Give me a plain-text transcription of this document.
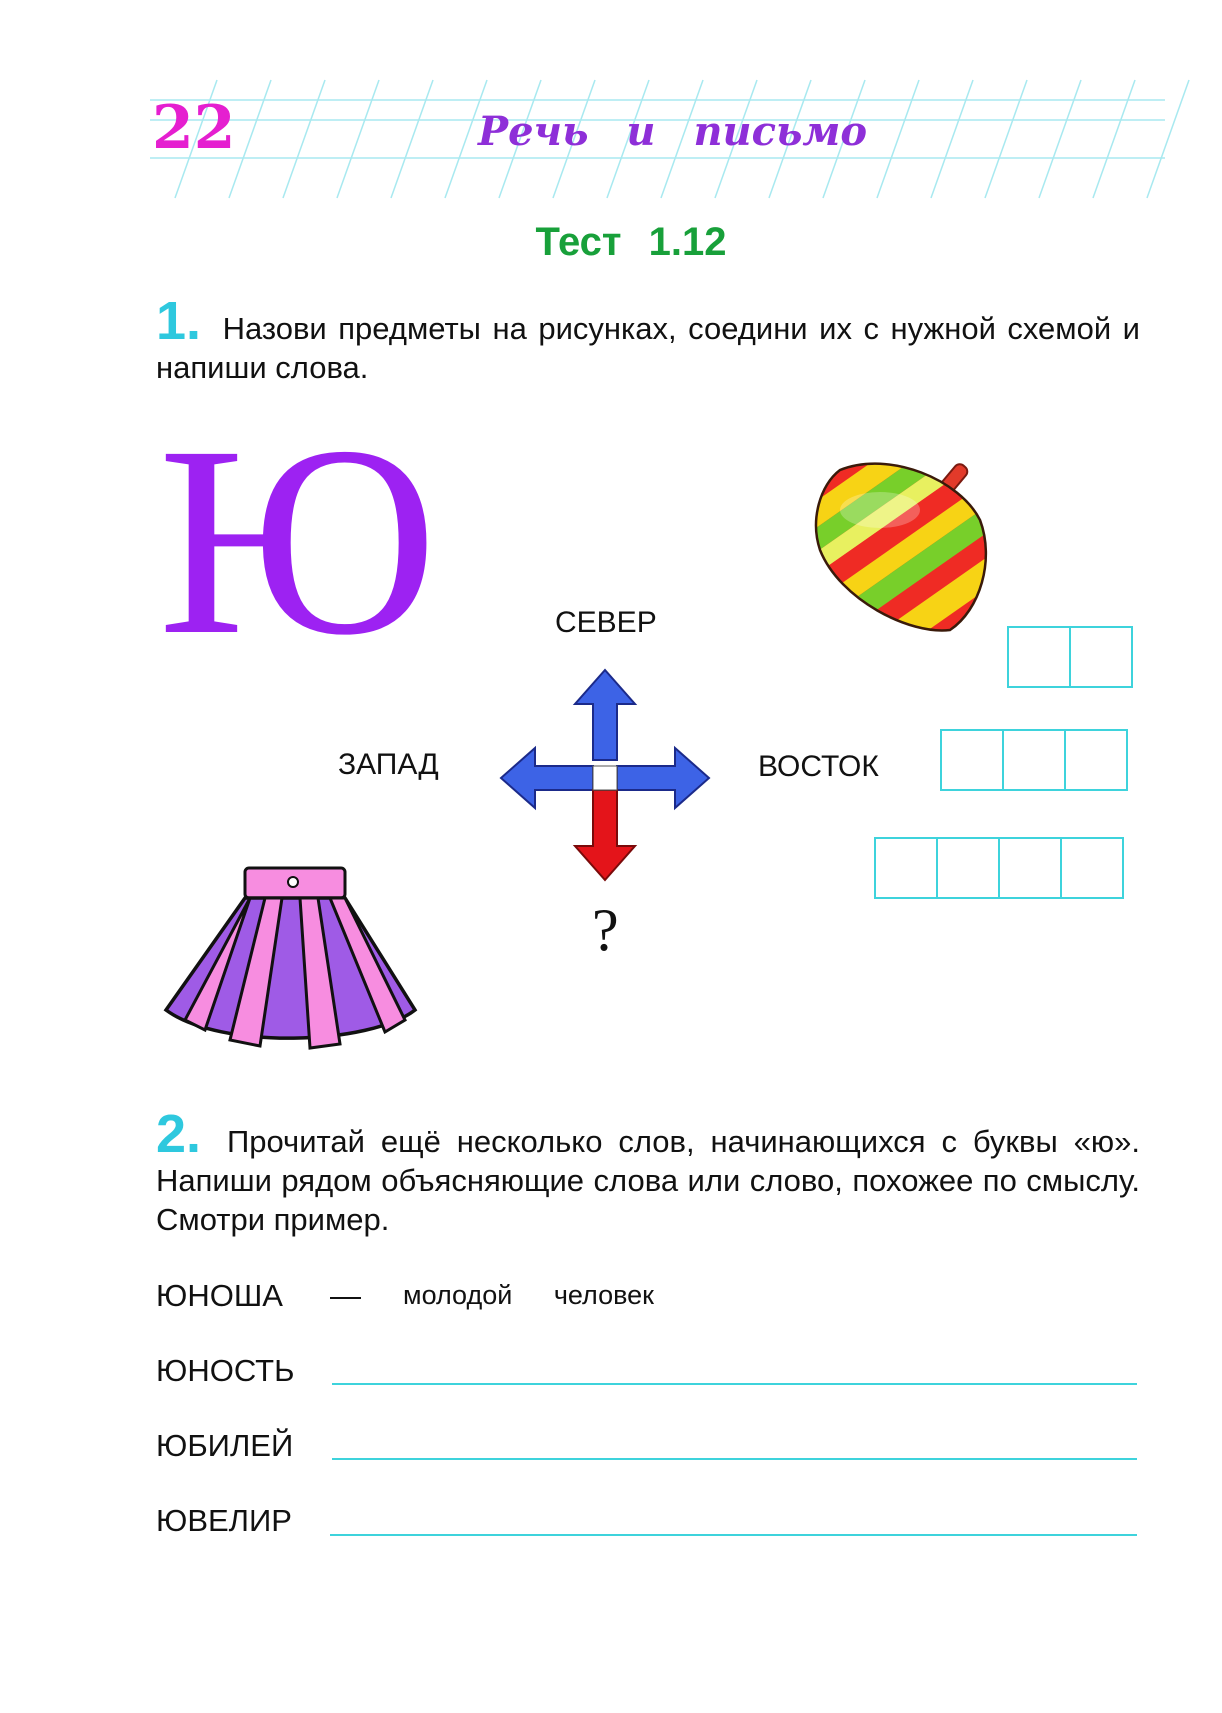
22	Речь и письмо
Тест 1.12
1. Назови предметы на рисунках, соедини их с нужной схемой и напиши слова.
Ю	СЕВЕР
ЗАПАД	ВОСТОК
?
2. Прочитай ещё несколько слов, начинающихся с буквы «ю». Напиши рядом объясняющие слова или слово, похожее по смыслу. Смотри пример.
ЮНОША — молодой человек
ЮНОСТЬ
ЮБИЛЕЙ
ЮВЕЛИР
